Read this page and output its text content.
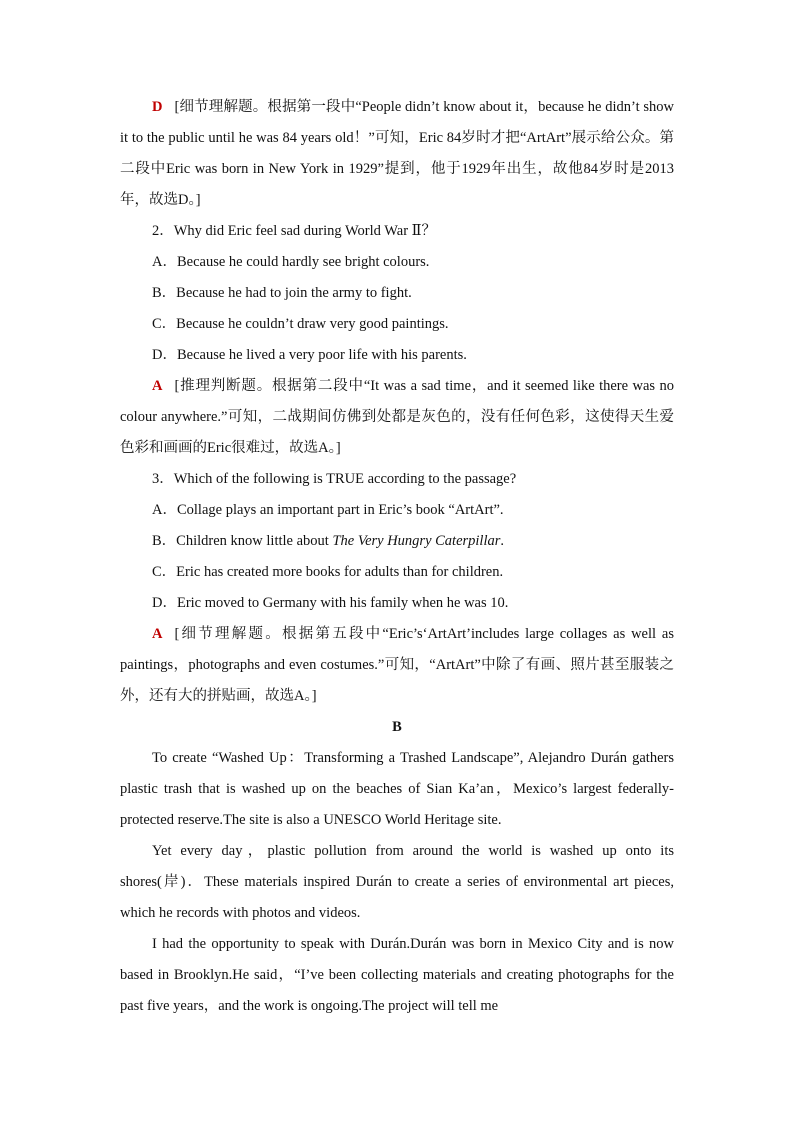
D [细节理解题。根据第一段中“People didn’t know about it，because he didn’t show it to the public until he was 84 years old！”可知，Eric 84岁时才把“ArtArt”展示给公众。第二段中Eric was born in New York in 1929”提到，他于1929年出生，故他84岁时是2013年，故选D。]

2．Why did Eric feel sad during World War Ⅱ？

A．Because he could hardly see bright colours.

B．Because he had to join the army to fight.

C．Because he couldn’t draw very good paintings.

D．Because he lived a very poor life with his parents.

A [推理判断题。根据第二段中“It was a sad time，and it seemed like there was no colour anywhere.”可知，二战期间仿佛到处都是灰色的，没有任何色彩，这使得天生爱色彩和画画的Eric很难过，故选A。]

3．Which of the following is TRUE according to the passage?

A．Collage plays an important part in Eric’s book “ArtArt”.

B．Children know little about The Very Hungry Caterpillar.

C．Eric has created more books for adults than for children.

D．Eric moved to Germany with his family when he was 10.

A [细节理解题。根据第五段中“Eric’s‘ArtArt’includes large collages as well as paintings，photographs and even costumes.”可知，“ArtArt”中除了有画、照片甚至服装之外，还有大的拼贴画，故选A。]

B

To create “Washed Up：Transforming a Trashed Landscape”, Alejandro Durán gathers plastic trash that is washed up on the beaches of Sian Ka’an，Mexico’s largest federally-protected reserve.The site is also a UNESCO World Heritage site.

Yet every day，plastic pollution from around the world is washed up onto its shores(岸)．These materials inspired Durán to create a series of environmental art pieces, which he records with photos and videos.

I had the opportunity to speak with Durán.Durán was born in Mexico City and is now based in Brooklyn.He said，“I’ve been collecting materials and creating photographs for the past five years，and the work is ongoing.The project will tell me
